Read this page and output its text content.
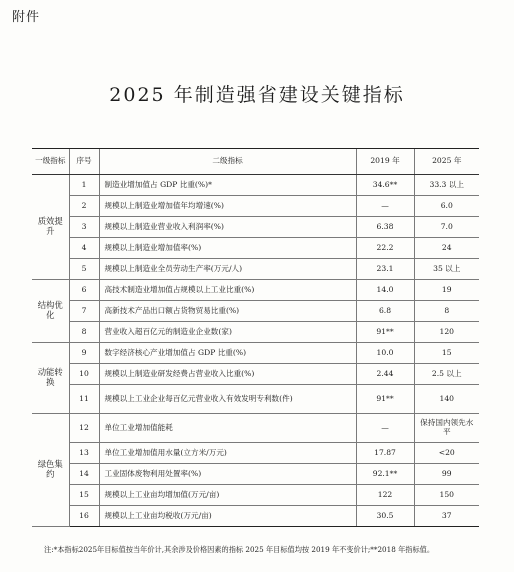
附件
2025 年制造强省建设关键指标
一级指标	序号	二级指标	2019 年	2025 年
质效提升	1	制造业增加值占 GDP 比重(%)*	34.6**	33.3 以上
	2	规模以上制造业增加值年均增速(%)	—	6.0
	3	规模以上制造业营业收入利润率(%)	6.38	7.0
	4	规模以上制造业增加值率(%)	22.2	24
	5	规模以上制造业全员劳动生产率(万元/人)	23.1	35 以上
结构优化	6	高技术制造业增加值占规模以上工业比重(%)	14.0	19
	7	高新技术产品出口额占货物贸易比重(%)	6.8	8
	8	营业收入超百亿元的制造业企业数(家)	91**	120
动能转换	9	数字经济核心产业增加值占 GDP 比重(%)	10.0	15
	10	规模以上制造业研发经费占营业收入比重(%)	2.44	2.5 以上
	11	规模以上工业企业每百亿元营业收入有效发明专利数(件)	91**	140
绿色集约	12	单位工业增加值能耗	—	保持国内领先水平
	13	单位工业增加值用水量(立方米/万元)	17.87	<20
	14	工业固体废物利用处置率(%)	92.1**	99
	15	规模以上工业亩均增加值(万元/亩)	122	150
	16	规模以上工业亩均税收(万元/亩)	30.5	37
注:*本指标2025年目标值按当年价计,其余涉及价格因素的指标 2025 年目标值均按 2019 年不变价计;**2018 年指标值。
